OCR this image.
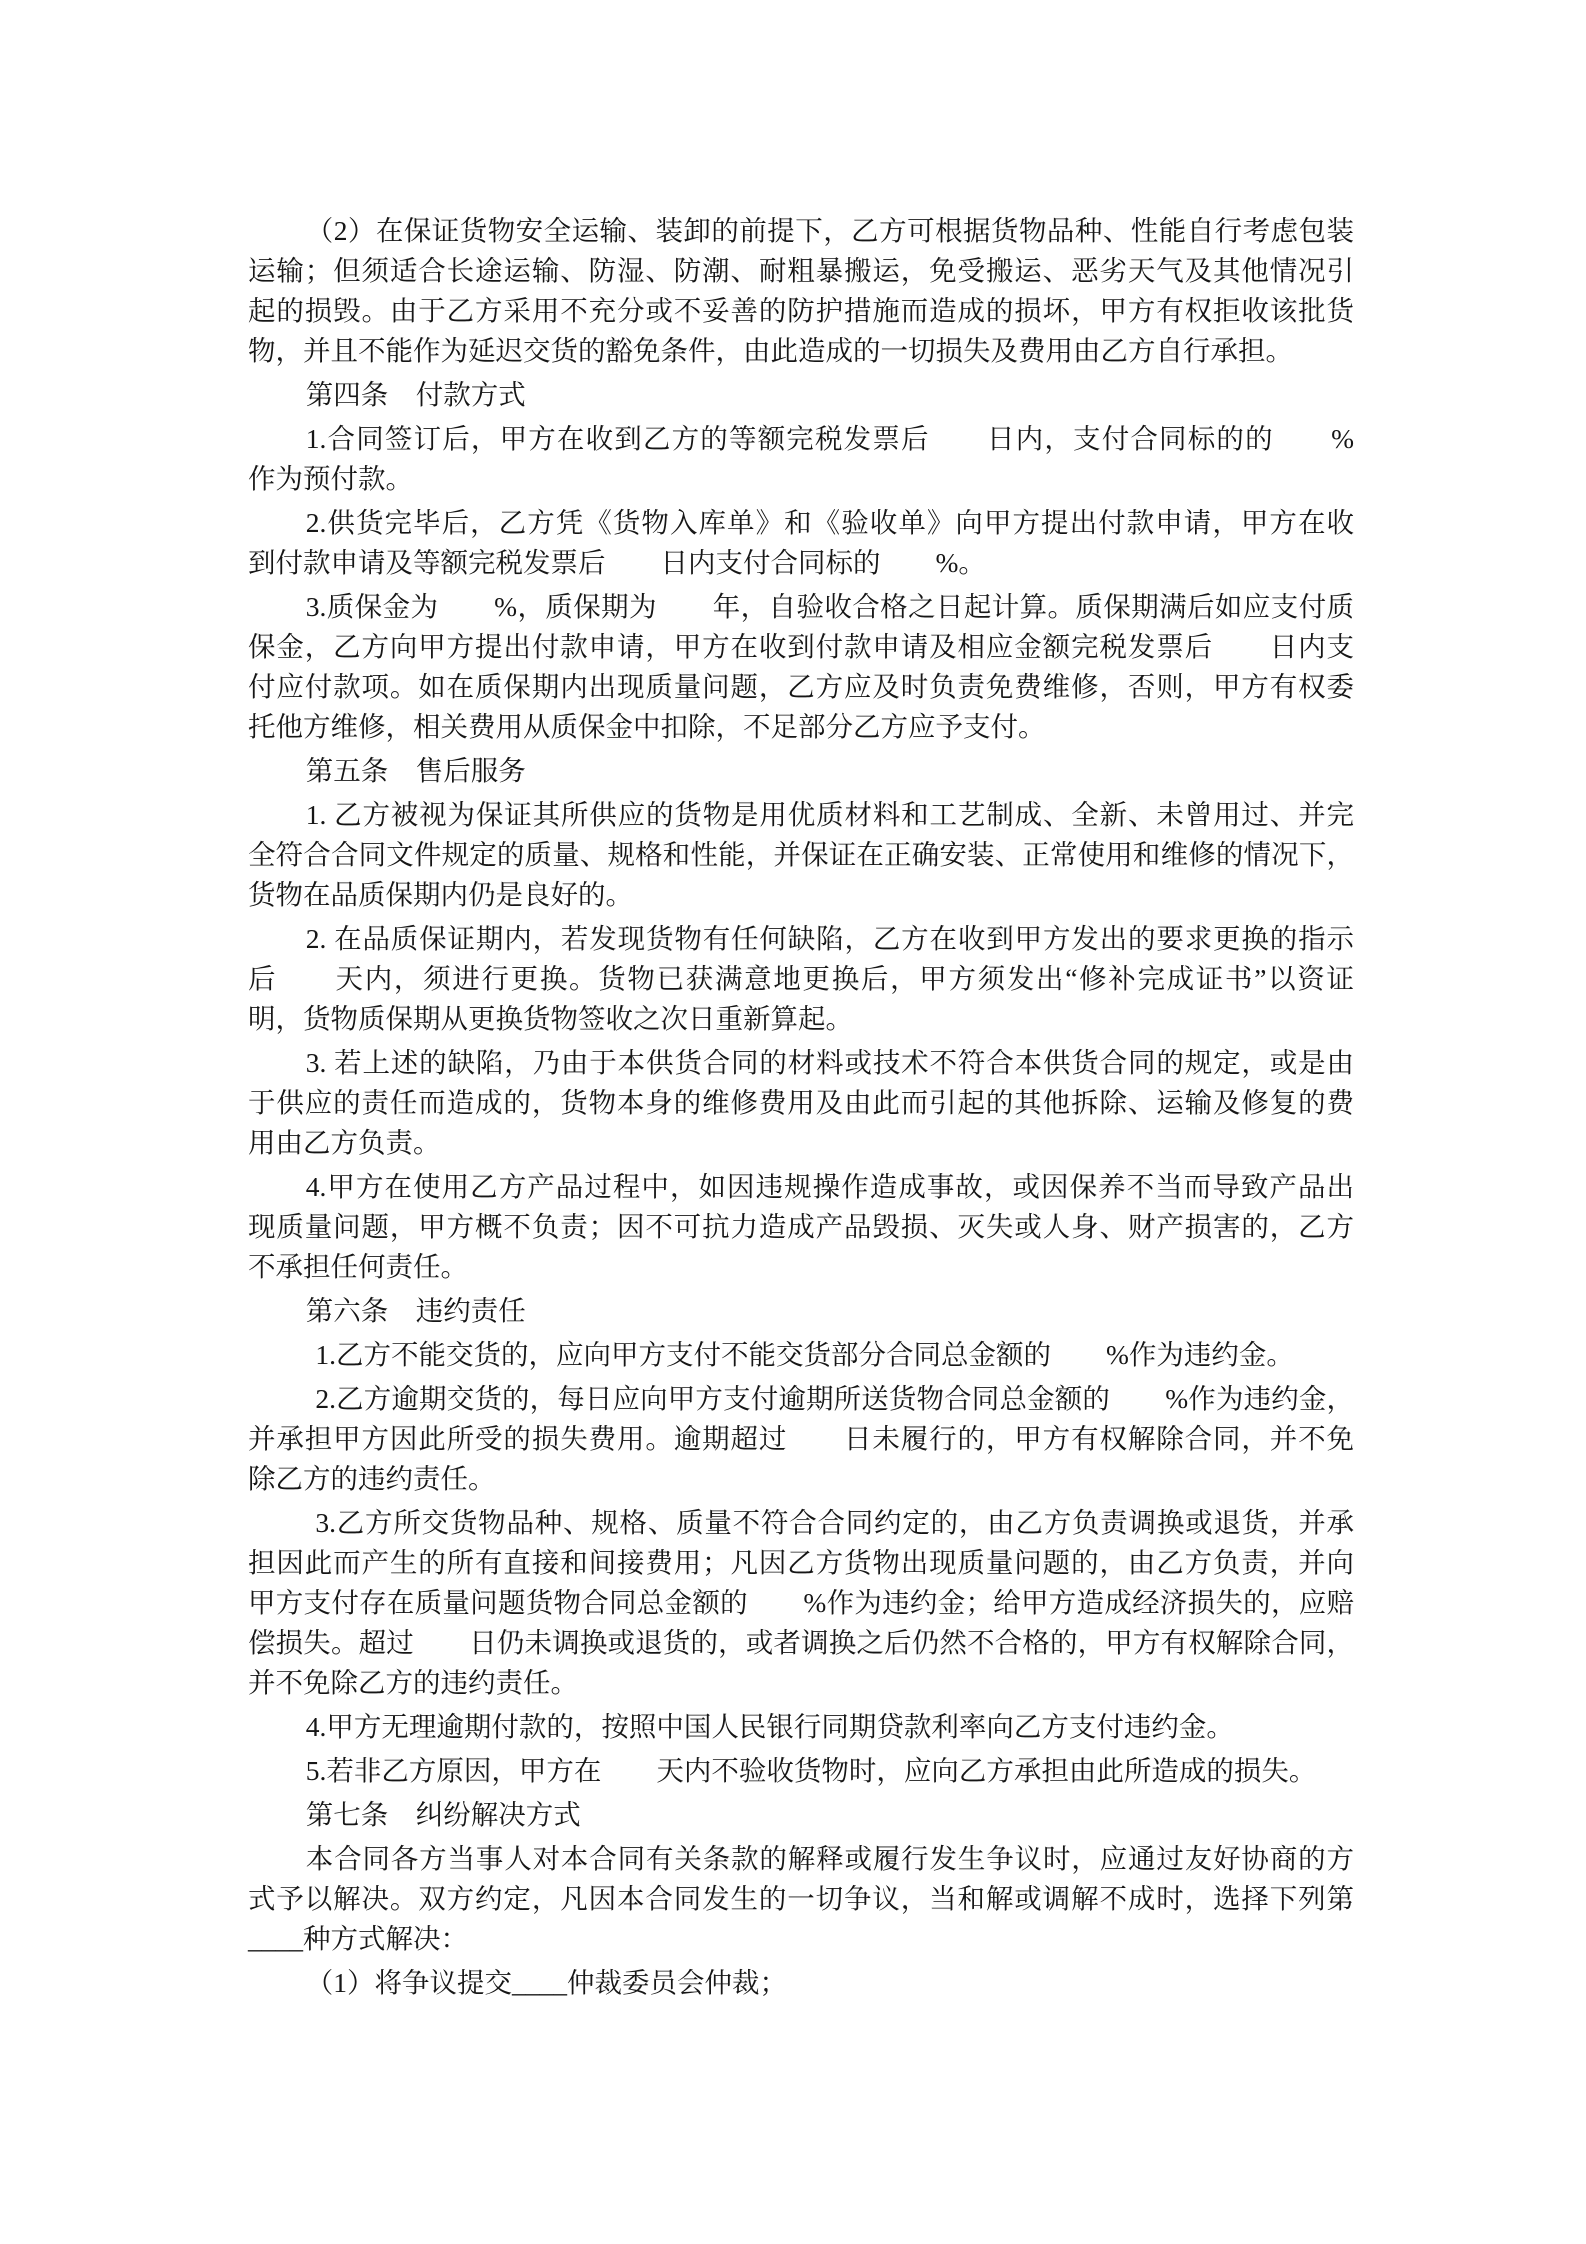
（2）在保证货物安全运输、装卸的前提下，乙方可根据货物品种、性能自行考虑包装
运输；但须适合长途运输、防湿、防潮、耐粗暴搬运，免受搬运、恶劣天气及其他情况引
起的损毁。由于乙方采用不充分或不妥善的防护措施而造成的损坏，甲方有权拒收该批货
物，并且不能作为延迟交货的豁免条件，由此造成的一切损失及费用由乙方自行承担。
第四条　付款方式
1.合同签订后，甲方在收到乙方的等额完税发票后　　日内，支付合同标的的　　%
作为预付款。
2.供货完毕后，乙方凭《货物入库单》和《验收单》向甲方提出付款申请，甲方在收
到付款申请及等额完税发票后　　日内支付合同标的　　%。
3.质保金为　　%，质保期为　　年，自验收合格之日起计算。质保期满后如应支付质
保金，乙方向甲方提出付款申请，甲方在收到付款申请及相应金额完税发票后　　日内支
付应付款项。如在质保期内出现质量问题，乙方应及时负责免费维修，否则，甲方有权委
托他方维修，相关费用从质保金中扣除，不足部分乙方应予支付。
第五条　售后服务
1. 乙方被视为保证其所供应的货物是用优质材料和工艺制成、全新、未曾用过、并完
全符合合同文件规定的质量、规格和性能，并保证在正确安装、正常使用和维修的情况下，
货物在品质保期内仍是良好的。
2. 在品质保证期内，若发现货物有任何缺陷，乙方在收到甲方发出的要求更换的指示
后　　天内，须进行更换。货物已获满意地更换后，甲方须发出“修补完成证书”以资证
明，货物质保期从更换货物签收之次日重新算起。
3. 若上述的缺陷，乃由于本供货合同的材料或技术不符合本供货合同的规定，或是由
于供应的责任而造成的，货物本身的维修费用及由此而引起的其他拆除、运输及修复的费
用由乙方负责。
4.甲方在使用乙方产品过程中，如因违规操作造成事故，或因保养不当而导致产品出
现质量问题，甲方概不负责；因不可抗力造成产品毁损、灭失或人身、财产损害的，乙方
不承担任何责任。
第六条　违约责任
1.乙方不能交货的，应向甲方支付不能交货部分合同总金额的　　%作为违约金。
2.乙方逾期交货的，每日应向甲方支付逾期所送货物合同总金额的　　%作为违约金，
并承担甲方因此所受的损失费用。逾期超过　　日未履行的，甲方有权解除合同，并不免
除乙方的违约责任。
3.乙方所交货物品种、规格、质量不符合合同约定的，由乙方负责调换或退货，并承
担因此而产生的所有直接和间接费用；凡因乙方货物出现质量问题的，由乙方负责，并向
甲方支付存在质量问题货物合同总金额的　　%作为违约金；给甲方造成经济损失的，应赔
偿损失。超过　　日仍未调换或退货的，或者调换之后仍然不合格的，甲方有权解除合同，
并不免除乙方的违约责任。
4.甲方无理逾期付款的，按照中国人民银行同期贷款利率向乙方支付违约金。
5.若非乙方原因，甲方在　　天内不验收货物时，应向乙方承担由此所造成的损失。
第七条　纠纷解决方式
本合同各方当事人对本合同有关条款的解释或履行发生争议时，应通过友好协商的方
式予以解决。双方约定，凡因本合同发生的一切争议，当和解或调解不成时，选择下列第
____种方式解决：
（1）将争议提交____仲裁委员会仲裁；
